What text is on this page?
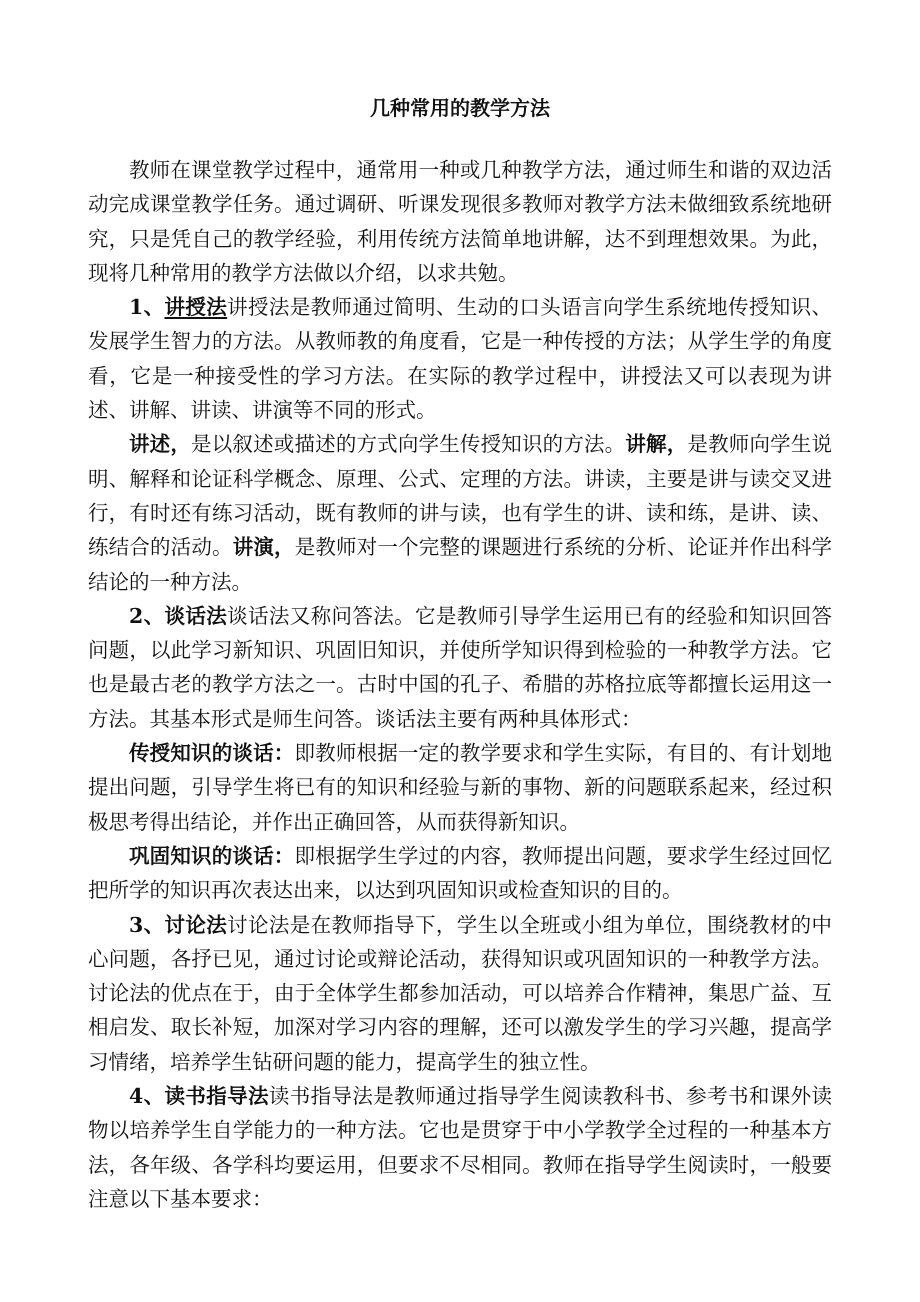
几种常用的教学方法

教师在课堂教学过程中，通常用一种或几种教学方法，通过师生和谐的双边活动完成课堂教学任务。通过调研、听课发现很多教师对教学方法未做细致系统地研究，只是凭自己的教学经验，利用传统方法简单地讲解，达不到理想效果。为此，现将几种常用的教学方法做以介绍，以求共勉。

1、讲授法讲授法是教师通过简明、生动的口头语言向学生系统地传授知识、发展学生智力的方法。从教师教的角度看，它是一种传授的方法；从学生学的角度看，它是一种接受性的学习方法。在实际的教学过程中，讲授法又可以表现为讲述、讲解、讲读、讲演等不同的形式。

讲述，是以叙述或描述的方式向学生传授知识的方法。讲解，是教师向学生说明、解释和论证科学概念、原理、公式、定理的方法。讲读，主要是讲与读交叉进行，有时还有练习活动，既有教师的讲与读，也有学生的讲、读和练，是讲、读、练结合的活动。讲演，是教师对一个完整的课题进行系统的分析、论证并作出科学结论的一种方法。

2、谈话法谈话法又称问答法。它是教师引导学生运用已有的经验和知识回答问题，以此学习新知识、巩固旧知识，并使所学知识得到检验的一种教学方法。它也是最古老的教学方法之一。古时中国的孔子、希腊的苏格拉底等都擅长运用这一方法。其基本形式是师生问答。谈话法主要有两种具体形式：

传授知识的谈话：即教师根据一定的教学要求和学生实际，有目的、有计划地提出问题，引导学生将已有的知识和经验与新的事物、新的问题联系起来，经过积极思考得出结论，并作出正确回答，从而获得新知识。

巩固知识的谈话：即根据学生学过的内容，教师提出问题，要求学生经过回忆把所学的知识再次表达出来，以达到巩固知识或检查知识的目的。

3、讨论法讨论法是在教师指导下，学生以全班或小组为单位，围绕教材的中心问题，各抒已见，通过讨论或辩论活动，获得知识或巩固知识的一种教学方法。讨论法的优点在于，由于全体学生都参加活动，可以培养合作精神，集思广益、互相启发、取长补短，加深对学习内容的理解，还可以激发学生的学习兴趣，提高学习情绪，培养学生钻研问题的能力，提高学生的独立性。

4、读书指导法读书指导法是教师通过指导学生阅读教科书、参考书和课外读物以培养学生自学能力的一种方法。它也是贯穿于中小学教学全过程的一种基本方法，各年级、各学科均要运用，但要求不尽相同。教师在指导学生阅读时，一般要注意以下基本要求：
